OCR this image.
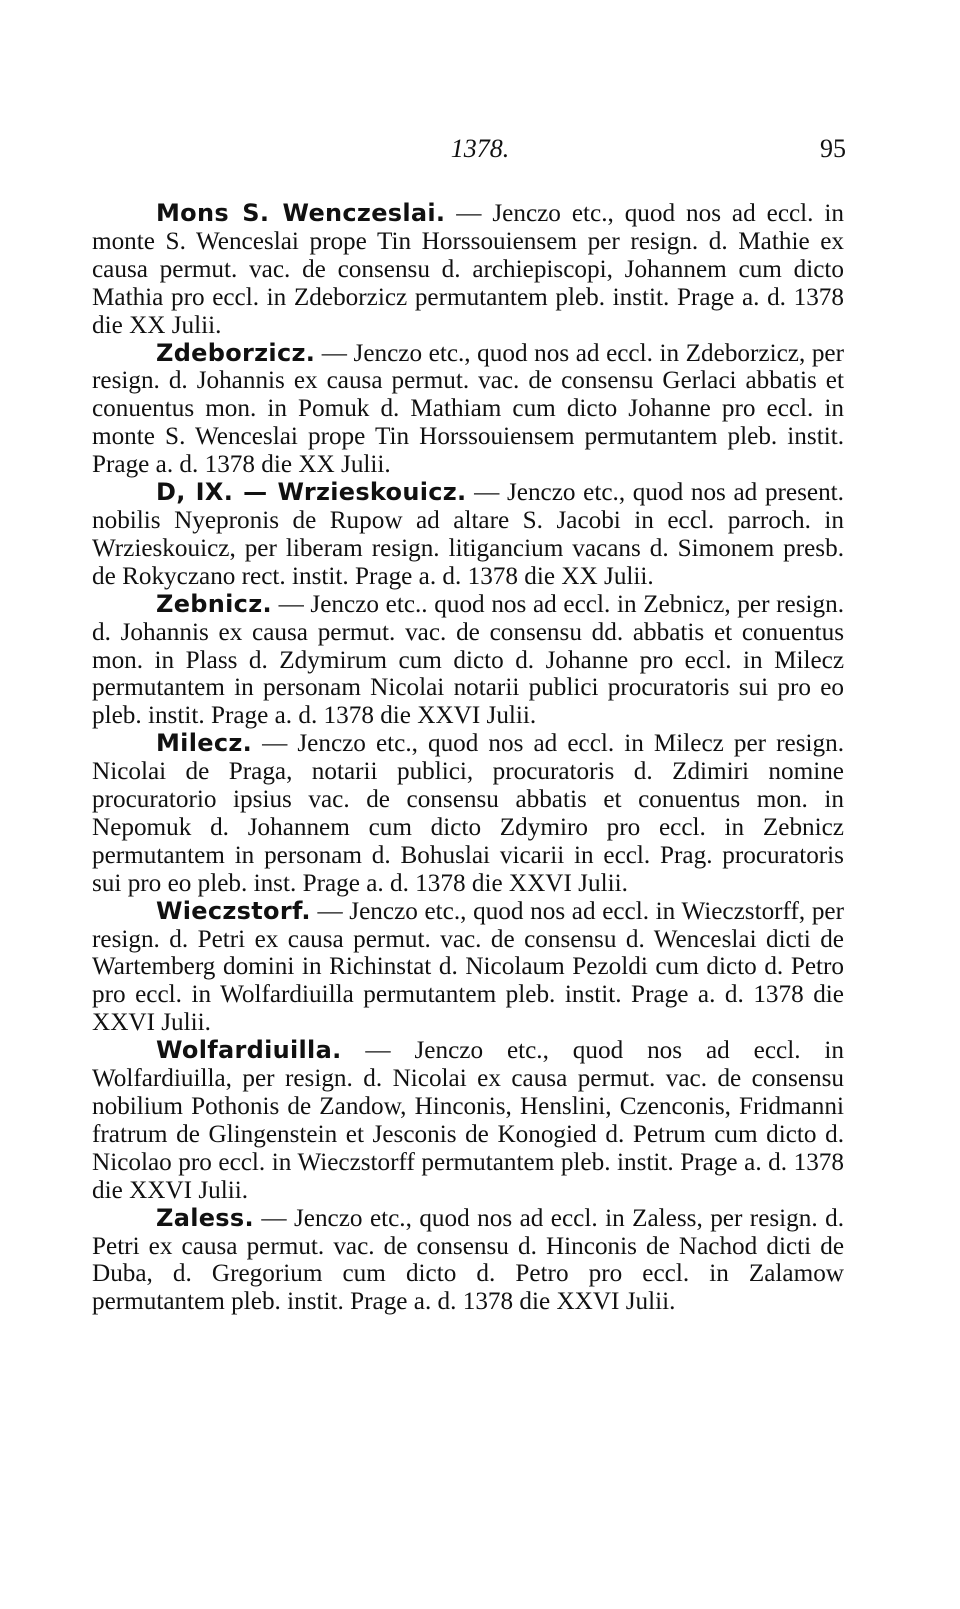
1378.	95

Mons S. Wenczeslai. — Jenczo etc., quod nos ad eccl. in monte S. Wenceslai prope Tin Horssouiensem per resign. d. Mathie ex causa permut. vac. de consensu d. archiepiscopi, Johannem cum dicto Mathia pro eccl. in Zdeborzicz permutantem pleb. instit. Prage a. d. 1378 die XX Julii.

Zdeborzicz. — Jenczo etc., quod nos ad eccl. in Zdeborzicz, per resign. d. Johannis ex causa permut. vac. de consensu Gerlaci abbatis et conuentus mon. in Pomuk d. Mathiam cum dicto Johanne pro eccl. in monte S. Wenceslai prope Tin Horssouiensem permutantem pleb. instit. Prage a. d. 1378 die XX Julii.

D, IX. — Wrzieskouicz. — Jenczo etc., quod nos ad present. nobilis Nyepronis de Rupow ad altare S. Jacobi in eccl. parroch. in Wrzieskouicz, per liberam resign. litigancium vacans d. Simonem presb. de Rokyczano rect. instit. Prage a. d. 1378 die XX Julii.

Zebnicz. — Jenczo etc.. quod nos ad eccl. in Zebnicz, per resign. d. Johannis ex causa permut. vac. de consensu dd. abbatis et conuentus mon. in Plass d. Zdymirum cum dicto d. Johanne pro eccl. in Milecz permutantem in personam Nicolai notarii publici procuratoris sui pro eo pleb. instit. Prage a. d. 1378 die XXVI Julii.

Milecz. — Jenczo etc., quod nos ad eccl. in Milecz per resign. Nicolai de Praga, notarii publici, procuratoris d. Zdimiri nomine procuratorio ipsius vac. de consensu abbatis et conuentus mon. in Nepomuk d. Johannem cum dicto Zdymiro pro eccl. in Zebnicz permutantem in personam d. Bohuslai vicarii in eccl. Prag. procuratoris sui pro eo pleb. inst. Prage a. d. 1378 die XXVI Julii.

Wieczstorf. — Jenczo etc., quod nos ad eccl. in Wieczstorff, per resign. d. Petri ex causa permut. vac. de consensu d. Wenceslai dicti de Wartemberg domini in Richinstat d. Nicolaum Pezoldi cum dicto d. Petro pro eccl. in Wolfardiuilla permutantem pleb. instit. Prage a. d. 1378 die XXVI Julii.

Wolfardiuilla. — Jenczo etc., quod nos ad eccl. in Wolfardiuilla, per resign. d. Nicolai ex causa permut. vac. de consensu nobilium Pothonis de Zandow, Hinconis, Henslini, Czenconis, Fridmanni fratrum de Glingenstein et Jesconis de Konogied d. Petrum cum dicto d. Nicolao pro eccl. in Wieczstorff permutantem pleb. instit. Prage a. d. 1378 die XXVI Julii.

Zaless. — Jenczo etc., quod nos ad eccl. in Zaless, per resign. d. Petri ex causa permut. vac. de consensu d. Hinconis de Nachod dicti de Duba, d. Gregorium cum dicto d. Petro pro eccl. in Zalamow permutantem pleb. instit. Prage a. d. 1378 die XXVI Julii.
